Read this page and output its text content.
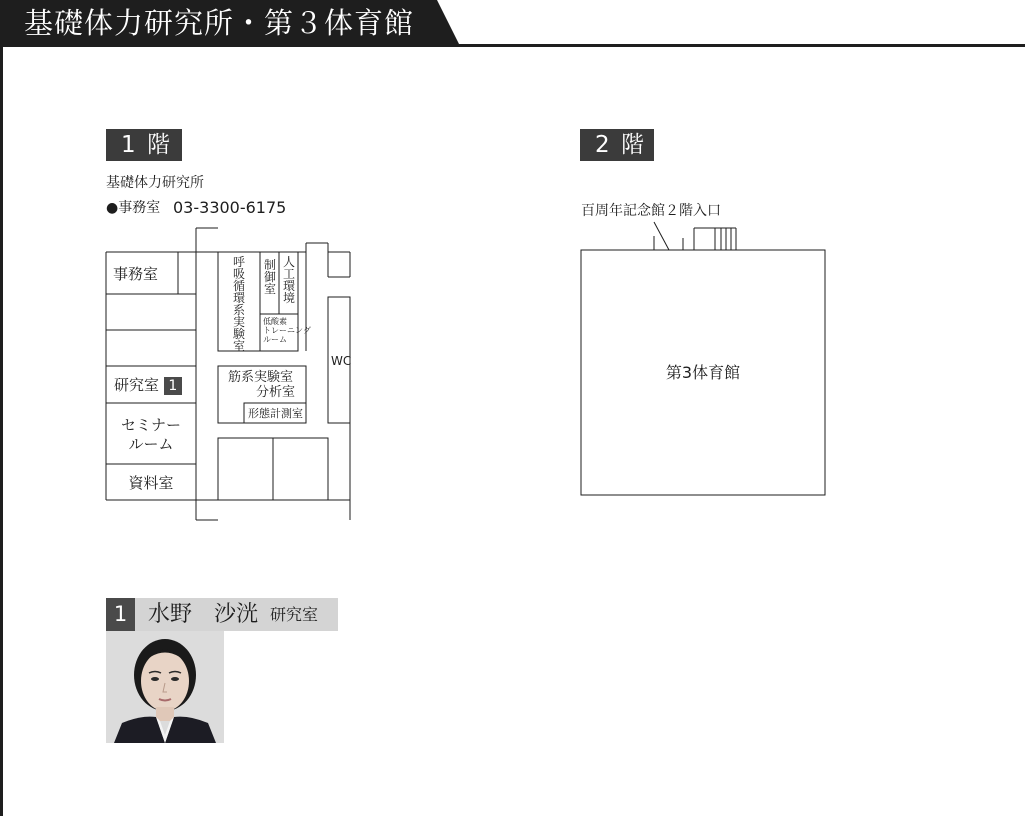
基礎体力研究所・第３体育館
1 階
基礎体力研究所
●事務室 03-3300-6175
2 階
百周年記念館２階入口
事務室
呼吸循環系実験室
制御室
人工環境
低酸素
トレーニング
ルーム
WC
筋系実験室
分析室
形態計測室
研究室 1
セミナー
ルーム
資料室
第3体育館
1 水野　沙洸 研究室
